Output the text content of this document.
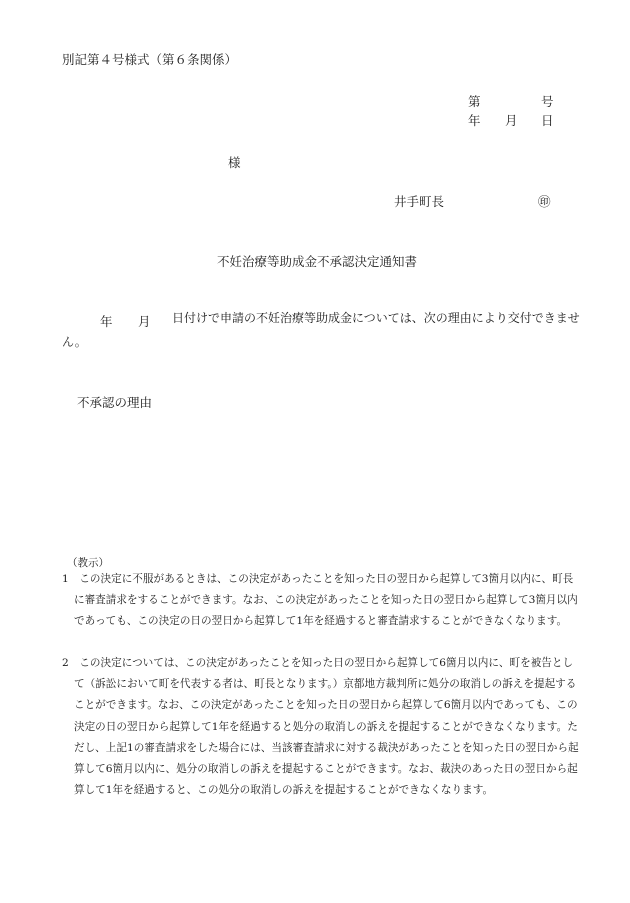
別記第４号様式（第６条関係）
第	号
年 月 日
様
井手町長	㊞
不妊治療等助成金不承認決定通知書
年 月	日付けで申請の不妊治療等助成金については、次の理由により交付できません。
不承認の理由
（教示）
1　この決定に不服があるときは、この決定があったことを知った日の翌日から起算して3箇月以内に、町長に審査請求をすることができます。なお、この決定があったことを知った日の翌日から起算して3箇月以内であっても、この決定の日の翌日から起算して1年を経過すると審査請求することができなくなります。
2　この決定については、この決定があったことを知った日の翌日から起算して6箇月以内に、町を被告として（訴訟において町を代表する者は、町長となります。）京都地方裁判所に処分の取消しの訴えを提起することができます。なお、この決定があったことを知った日の翌日から起算して6箇月以内であっても、この決定の日の翌日から起算して1年を経過すると処分の取消しの訴えを提起することができなくなります。ただし、上記1の審査請求をした場合には、当該審査請求に対する裁決があったことを知った日の翌日から起算して6箇月以内に、処分の取消しの訴えを提起することができます。なお、裁決のあった日の翌日から起算して1年を経過すると、この処分の取消しの訴えを提起することができなくなります。
